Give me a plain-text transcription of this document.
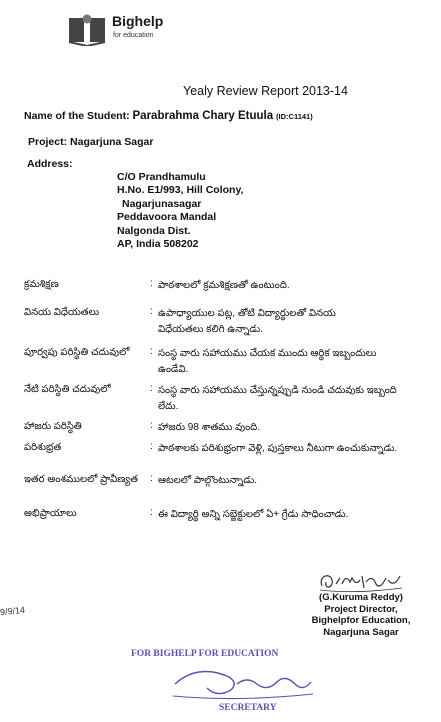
Bighelp
for education
Yealy Review Report 2013-14
Name of the Student: Parabrahma Chary Etuula (ID:C1141)
Project: Nagarjuna Sagar
Address:
C/O Prandhamulu
H.No. E1/993, Hill Colony,
Nagarjunasagar
Peddavoora Mandal
Nalgonda Dist.
AP, India 508202
క్రమశిక్షణ	: పాఠశాలలో క్రమశిక్షణతో ఉంటుంది.
వినయ విధేయతలు	: ఉపాధ్యాయుల పట్ల, తోటి విద్యార్థులతో వినయ
విధేయతలు కలిగి ఉన్నాడు.
పూర్వపు పరిస్థితి చదువులో : సంస్థ వారు సహాయము చేయక ముందు ఆర్థిక ఇబ్బందులు
ఉండేవి.
నేటి పరిస్థితి చదువులో	: సంస్థ వారు సహాయము చేస్తున్నప్పుడి నుండి చదువుకు ఇబ్బంది
లేదు.
హాజరు పరిస్థితి	: హాజరు 98 శాతము వుంది.
పరిశుభ్రత	: పాఠశాలకు పరిశుభ్రంగా వెళ్లి, పుస్తకాలు నీటుగా ఉంచుకున్నాడు.
ఇతర అంశములలో ప్రావీణ్యత : ఆటలలో పాల్గొంటున్నాడు.
అభిప్రాయాలు	: ఈ విద్యార్థి అన్ని సబ్జెక్టులలో ఏ+ గ్రేడు సాధించాడు.
(G.Kuruma Reddy)
Project Director,
Bighelpfor Education,
Nagarjuna Sagar
9/9/14
FOR BIGHELP FOR EDUCATION
SECRETARY
